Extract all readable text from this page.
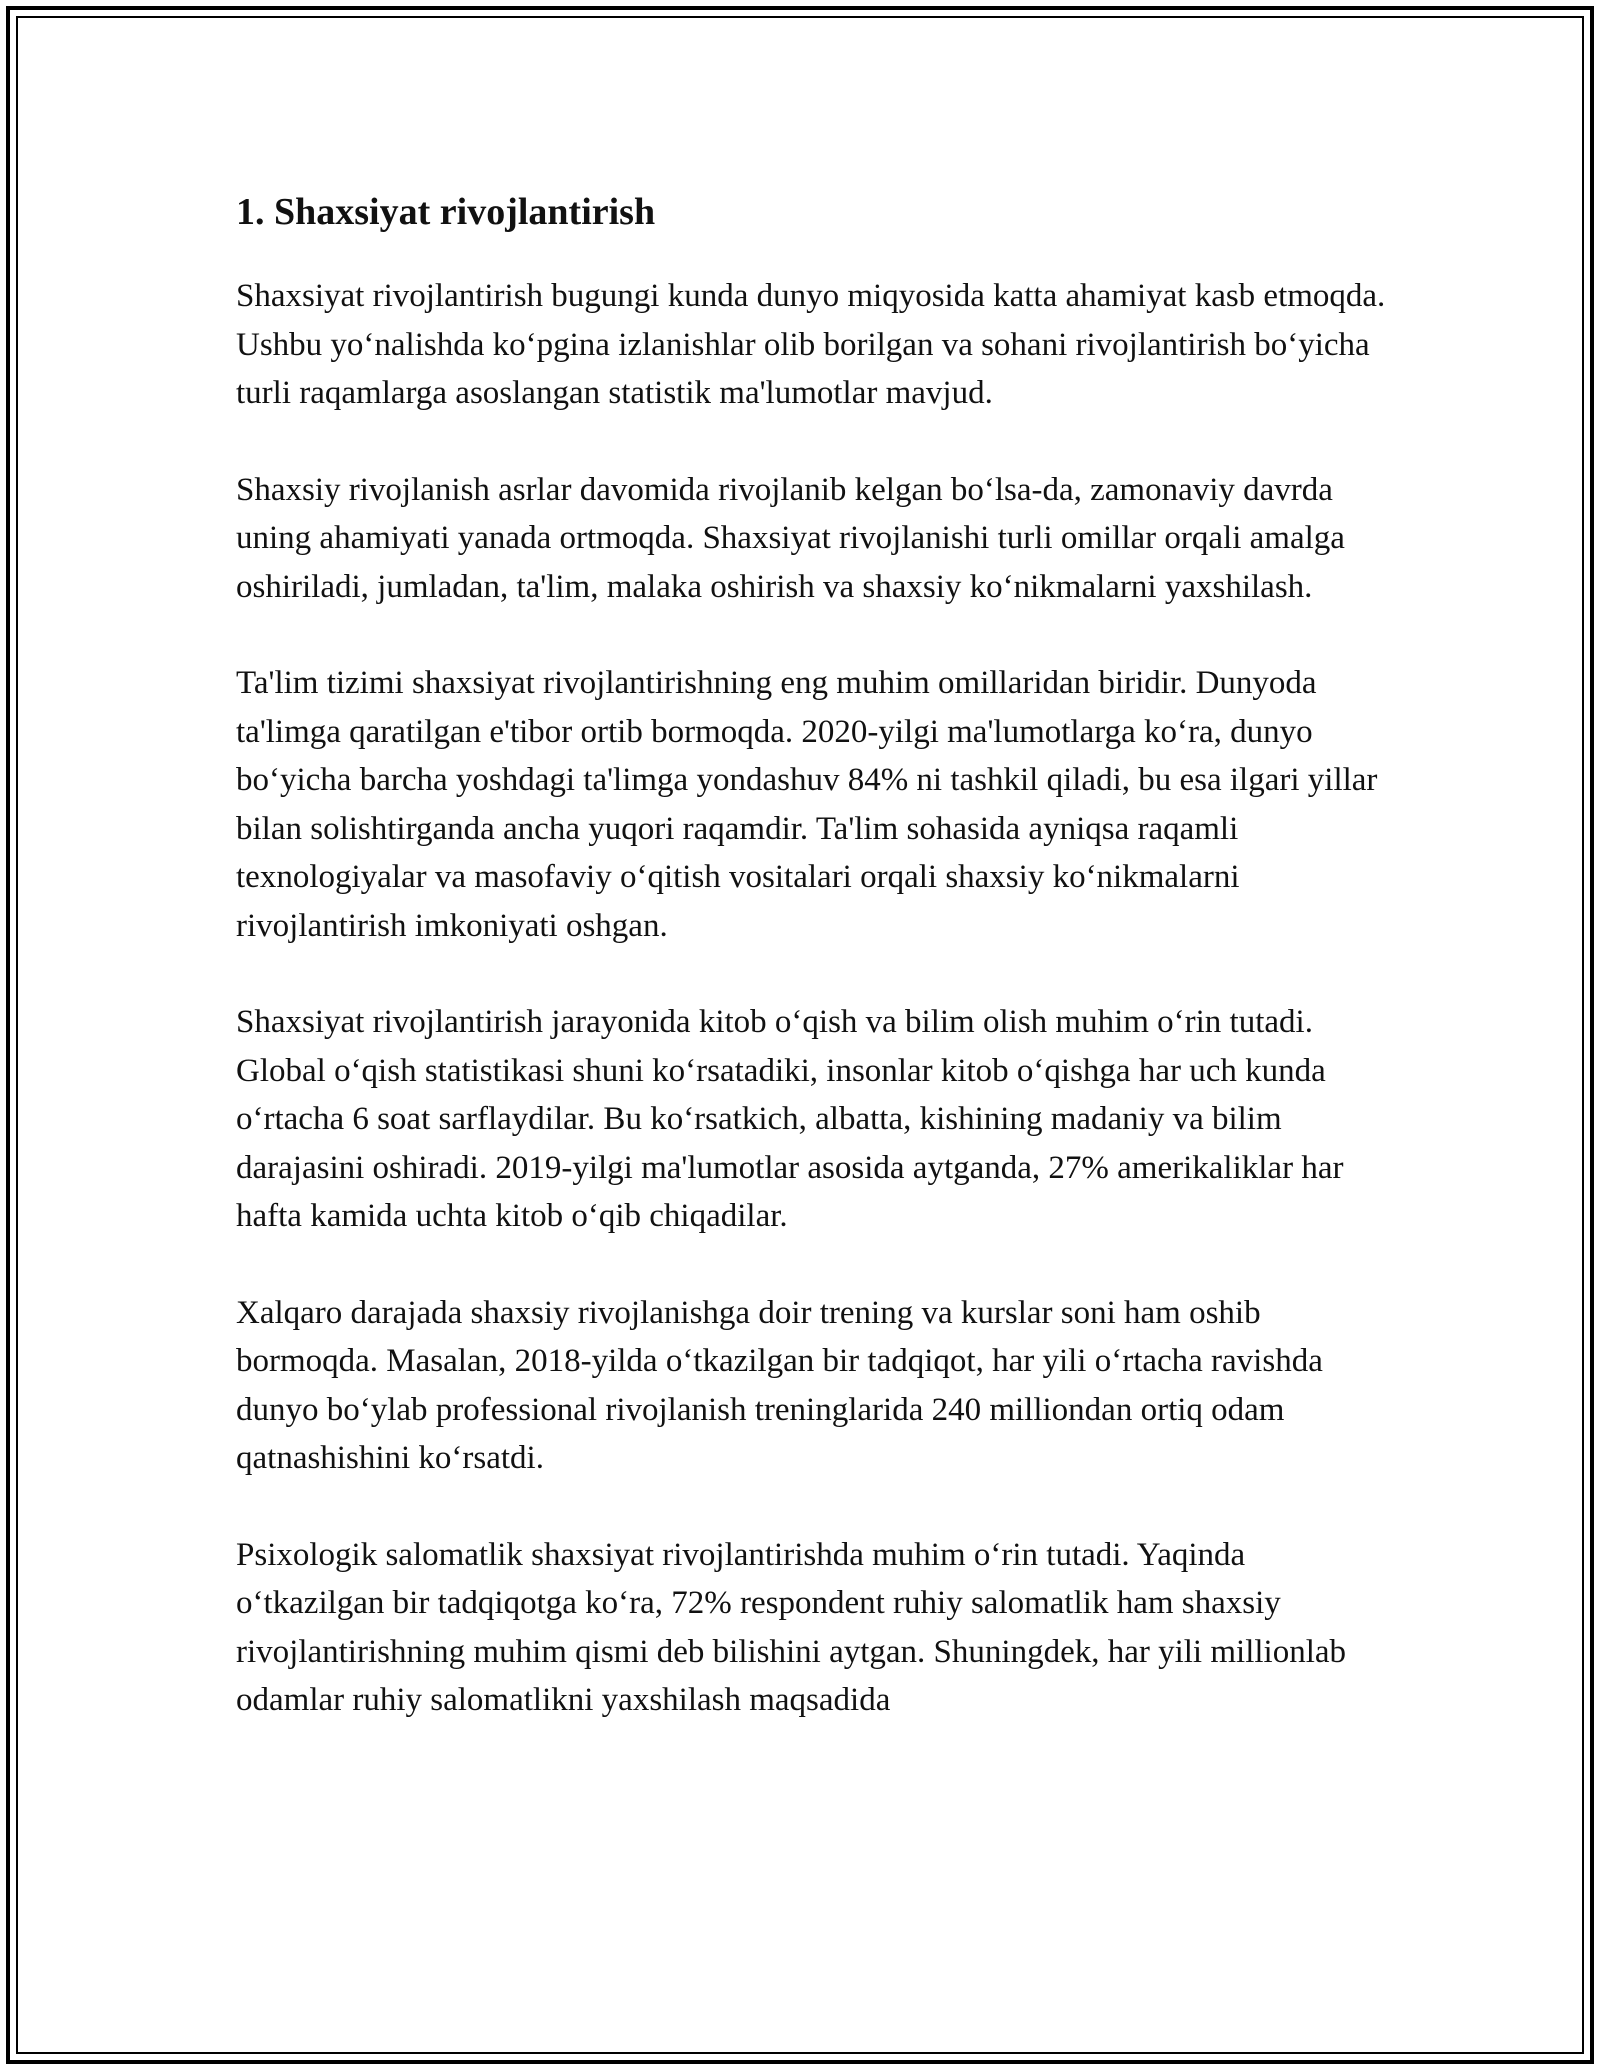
1. Shaxsiyat rivojlantirish

Shaxsiyat rivojlantirish bugungi kunda dunyo miqyosida katta ahamiyat kasb etmoqda. Ushbu yo‘nalishda ko‘pgina izlanishlar olib borilgan va sohani rivojlantirish bo‘yicha turli raqamlarga asoslangan statistik ma'lumotlar mavjud.

Shaxsiy rivojlanish asrlar davomida rivojlanib kelgan bo‘lsa-da, zamonaviy davrda uning ahamiyati yanada ortmoqda. Shaxsiyat rivojlanishi turli omillar orqali amalga oshiriladi, jumladan, ta'lim, malaka oshirish va shaxsiy ko‘nikmalarni yaxshilash.

Ta'lim tizimi shaxsiyat rivojlantirishning eng muhim omillaridan biridir. Dunyoda ta'limga qaratilgan e'tibor ortib bormoqda. 2020-yilgi ma'lumotlarga ko‘ra, dunyo bo‘yicha barcha yoshdagi ta'limga yondashuv 84% ni tashkil qiladi, bu esa ilgari yillar bilan solishtirganda ancha yuqori raqamdir. Ta'lim sohasida ayniqsa raqamli texnologiyalar va masofaviy o‘qitish vositalari orqali shaxsiy ko‘nikmalarni rivojlantirish imkoniyati oshgan.

Shaxsiyat rivojlantirish jarayonida kitob o‘qish va bilim olish muhim o‘rin tutadi. Global o‘qish statistikasi shuni ko‘rsatadiki, insonlar kitob o‘qishga har uch kunda o‘rtacha 6 soat sarflaydilar. Bu ko‘rsatkich, albatta, kishining madaniy va bilim darajasini oshiradi. 2019-yilgi ma'lumotlar asosida aytganda, 27% amerikaliklar har hafta kamida uchta kitob o‘qib chiqadilar.

Xalqaro darajada shaxsiy rivojlanishga doir trening va kurslar soni ham oshib bormoqda. Masalan, 2018-yilda o‘tkazilgan bir tadqiqot, har yili o‘rtacha ravishda dunyo bo‘ylab professional rivojlanish treninglarida 240 milliondan ortiq odam qatnashishini ko‘rsatdi.

Psixologik salomatlik shaxsiyat rivojlantirishda muhim o‘rin tutadi. Yaqinda o‘tkazilgan bir tadqiqotga ko‘ra, 72% respondent ruhiy salomatlik ham shaxsiy rivojlantirishning muhim qismi deb bilishini aytgan. Shuningdek, har yili millionlab odamlar ruhiy salomatlikni yaxshilash maqsadida
